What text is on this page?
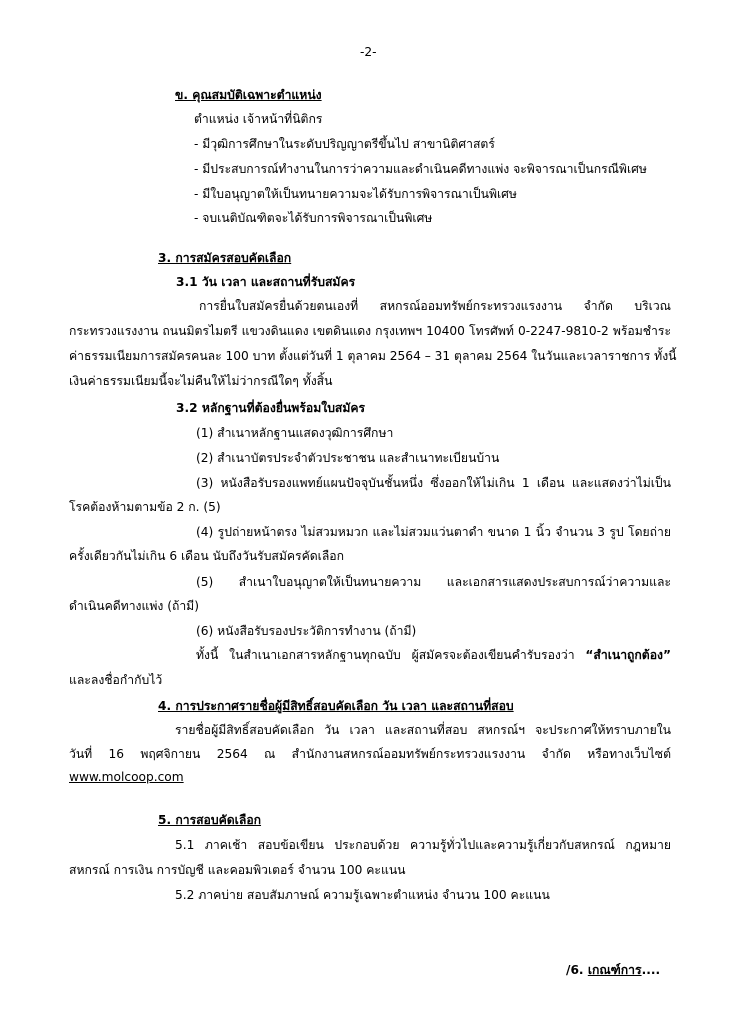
-2-
ข. คุณสมบัติเฉพาะตำแหน่ง
ตำแหน่ง เจ้าหน้าที่นิติกร
- มีวุฒิการศึกษาในระดับปริญญาตรีขึ้นไป สาขานิติศาสตร์
- มีประสบการณ์ทำงานในการว่าความและดำเนินคดีทางแพ่ง จะพิจารณาเป็นกรณีพิเศษ
- มีใบอนุญาตให้เป็นทนายความจะได้รับการพิจารณาเป็นพิเศษ
- จบเนติบัณฑิตจะได้รับการพิจารณาเป็นพิเศษ
3. การสมัครสอบคัดเลือก
3.1 วัน เวลา และสถานที่รับสมัคร
การยื่นใบสมัครยื่นด้วยตนเองที่ สหกรณ์ออมทรัพย์กระทรวงแรงงาน จำกัด บริเวณ
กระทรวงแรงงาน ถนนมิตรไมตรี แขวงดินแดง เขตดินแดง กรุงเทพฯ 10400 โทรศัพท์ 0-2247-9810-2 พร้อมชำระ
ค่าธรรมเนียมการสมัครคนละ 100 บาท ตั้งแต่วันที่ 1 ตุลาคม 2564 – 31 ตุลาคม 2564 ในวันและเวลาราชการ ทั้งนี้
เงินค่าธรรมเนียมนี้จะไม่คืนให้ไม่ว่ากรณีใดๆ ทั้งสิ้น
3.2 หลักฐานที่ต้องยื่นพร้อมใบสมัคร
(1) สำเนาหลักฐานแสดงวุฒิการศึกษา
(2) สำเนาบัตรประจำตัวประชาชน และสำเนาทะเบียนบ้าน
(3) หนังสือรับรองแพทย์แผนปัจจุบันชั้นหนึ่ง ซึ่งออกให้ไม่เกิน 1 เดือน และแสดงว่าไม่เป็น
โรคต้องห้ามตามข้อ 2 ก. (5)
(4) รูปถ่ายหน้าตรง ไม่สวมหมวก และไม่สวมแว่นตาดำ ขนาด 1 นิ้ว จำนวน 3 รูป โดยถ่าย
ครั้งเดียวกันไม่เกิน 6 เดือน นับถึงวันรับสมัครคัดเลือก
(5) สำเนาใบอนุญาตให้เป็นทนายความ และเอกสารแสดงประสบการณ์ว่าความและ
ดำเนินคดีทางแพ่ง (ถ้ามี)
(6) หนังสือรับรองประวัติการทำงาน (ถ้ามี)
ทั้งนี้ ในสำเนาเอกสารหลักฐานทุกฉบับ ผู้สมัครจะต้องเขียนคำรับรองว่า “สำเนาถูกต้อง”
และลงชื่อกำกับไว้
4. การประกาศรายชื่อผู้มีสิทธิ์สอบคัดเลือก วัน เวลา และสถานที่สอบ
รายชื่อผู้มีสิทธิ์สอบคัดเลือก วัน เวลา และสถานที่สอบ สหกรณ์ฯ จะประกาศให้ทราบภายใน
วันที่ 16 พฤศจิกายน 2564 ณ สำนักงานสหกรณ์ออมทรัพย์กระทรวงแรงงาน จำกัด หรือทางเว็บไซต์
www.molcoop.com
5. การสอบคัดเลือก
5.1 ภาคเช้า สอบข้อเขียน ประกอบด้วย ความรู้ทั่วไปและความรู้เกี่ยวกับสหกรณ์ กฎหมาย
สหกรณ์ การเงิน การบัญชี และคอมพิวเตอร์ จำนวน 100 คะแนน
5.2 ภาคบ่าย สอบสัมภาษณ์ ความรู้เฉพาะตำแหน่ง จำนวน 100 คะแนน
/6. เกณฑ์การ....
